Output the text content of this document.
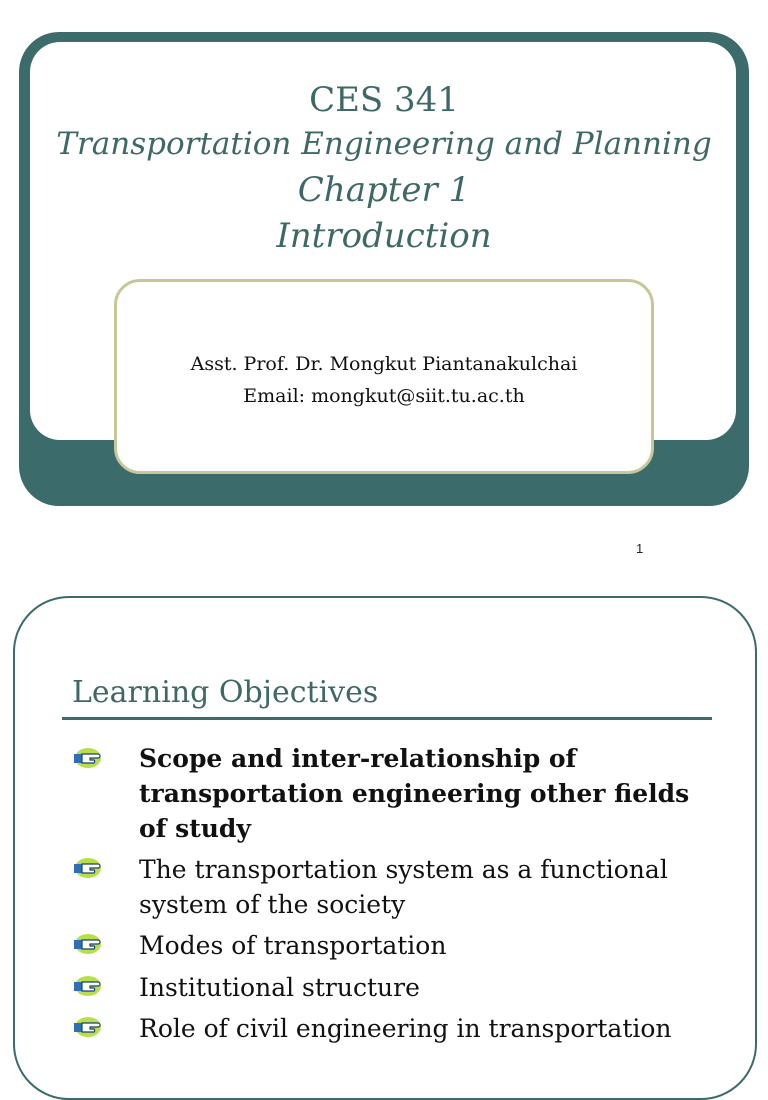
CES 341
Transportation Engineering and Planning
Chapter 1
Introduction
Asst. Prof. Dr. Mongkut Piantanakulchai
Email: mongkut@siit.tu.ac.th
1
Learning Objectives
Scope and inter-relationship of transportation engineering other fields of study
The transportation system as a functional system of the society
Modes of transportation
Institutional structure
Role of civil engineering in transportation
